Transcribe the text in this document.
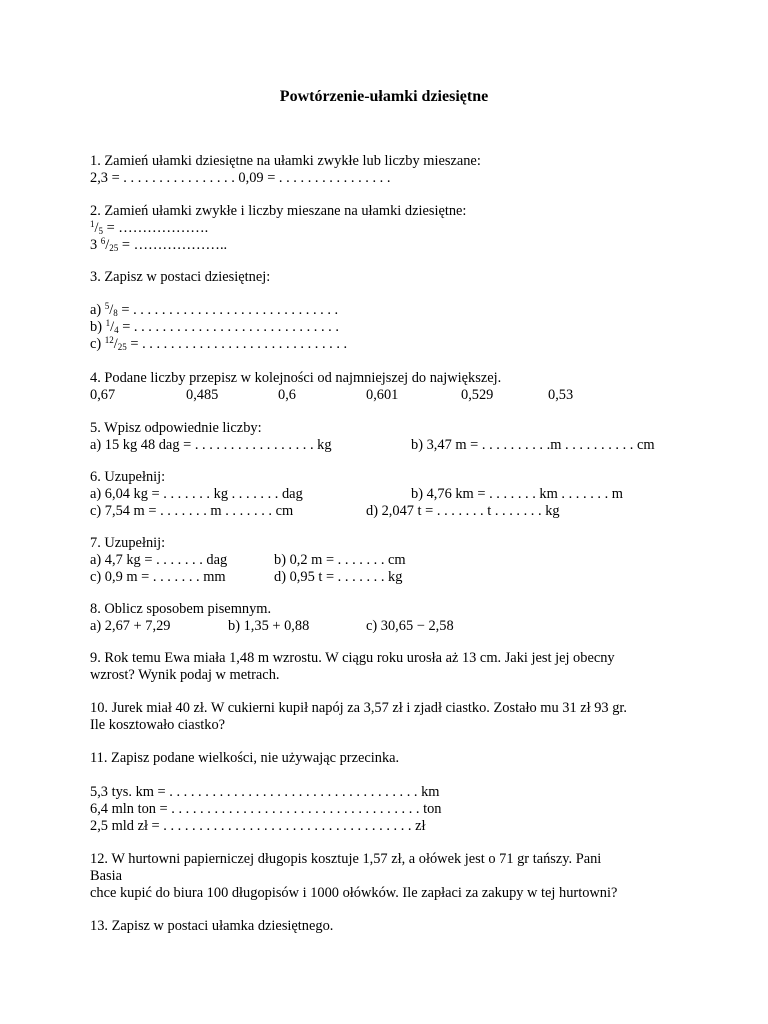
Powtórzenie-ułamki dziesiętne
1. Zamień ułamki dziesiętne na ułamki zwykłe lub liczby mieszane:
2,3 = . . . . . . . . . . . . . . . . 0,09 = . . . . . . . . . . . . . . . .
2. Zamień ułamki zwykłe i liczby mieszane na ułamki dziesiętne:
$^1/_5$ = ……………….
3 $^6/_{25}$ = ………………..
3. Zapisz w postaci dziesiętnej:
a) $^5/_8$ = . . . . . . . . . . . . . . . . . . . . . . . . . . . . .
b) $^1/_4$ = . . . . . . . . . . . . . . . . . . . . . . . . . . . . .
c) $^{12}/_{25}$ = . . . . . . . . . . . . . . . . . . . . . . . . . . . . .
4. Podane liczby przepisz w kolejności od najmniejszej do największej.
0,67	0,485	0,6	0,601	0,529	0,53
5. Wpisz odpowiednie liczby:
a) 15 kg 48 dag = . . . . . . . . . . . . . . . . . kg	b) 3,47 m = . . . . . . . . . .m . . . . . . . . . . cm
6. Uzupełnij:
a) 6,04 kg = . . . . . . . kg . . . . . . . dag	b) 4,76 km = . . . . . . . km . . . . . . . m
c) 7,54 m = . . . . . . . m . . . . . . . cm	d) 2,047 t = . . . . . . . t . . . . . . . kg
7. Uzupełnij:
a) 4,7 kg = . . . . . . . dag	b) 0,2 m = . . . . . . . cm
c) 0,9 m = . . . . . . . mm	d) 0,95 t = . . . . . . . kg
8. Oblicz sposobem pisemnym.
a) 2,67 + 7,29	b) 1,35 + 0,88	c) 30,65 − 2,58
9. Rok temu Ewa miała 1,48 m wzrostu. W ciągu roku urosła aż 13 cm. Jaki jest jej obecny
wzrost? Wynik podaj w metrach.
10. Jurek miał 40 zł. W cukierni kupił napój za 3,57 zł i zjadł ciastko. Zostało mu 31 zł 93 gr.
Ile kosztowało ciastko?
11. Zapisz podane wielkości, nie używając przecinka.
5,3 tys. km = . . . . . . . . . . . . . . . . . . . . . . . . . . . . . . . . . . . km
6,4 mln ton = . . . . . . . . . . . . . . . . . . . . . . . . . . . . . . . . . . . ton
2,5 mld zł = . . . . . . . . . . . . . . . . . . . . . . . . . . . . . . . . . . . zł
12. W hurtowni papierniczej długopis kosztuje 1,57 zł, a ołówek jest o 71 gr tańszy. Pani
Basia
chce kupić do biura 100 długopisów i 1000 ołówków. Ile zapłaci za zakupy w tej hurtowni?
13. Zapisz w postaci ułamka dziesiętnego.
